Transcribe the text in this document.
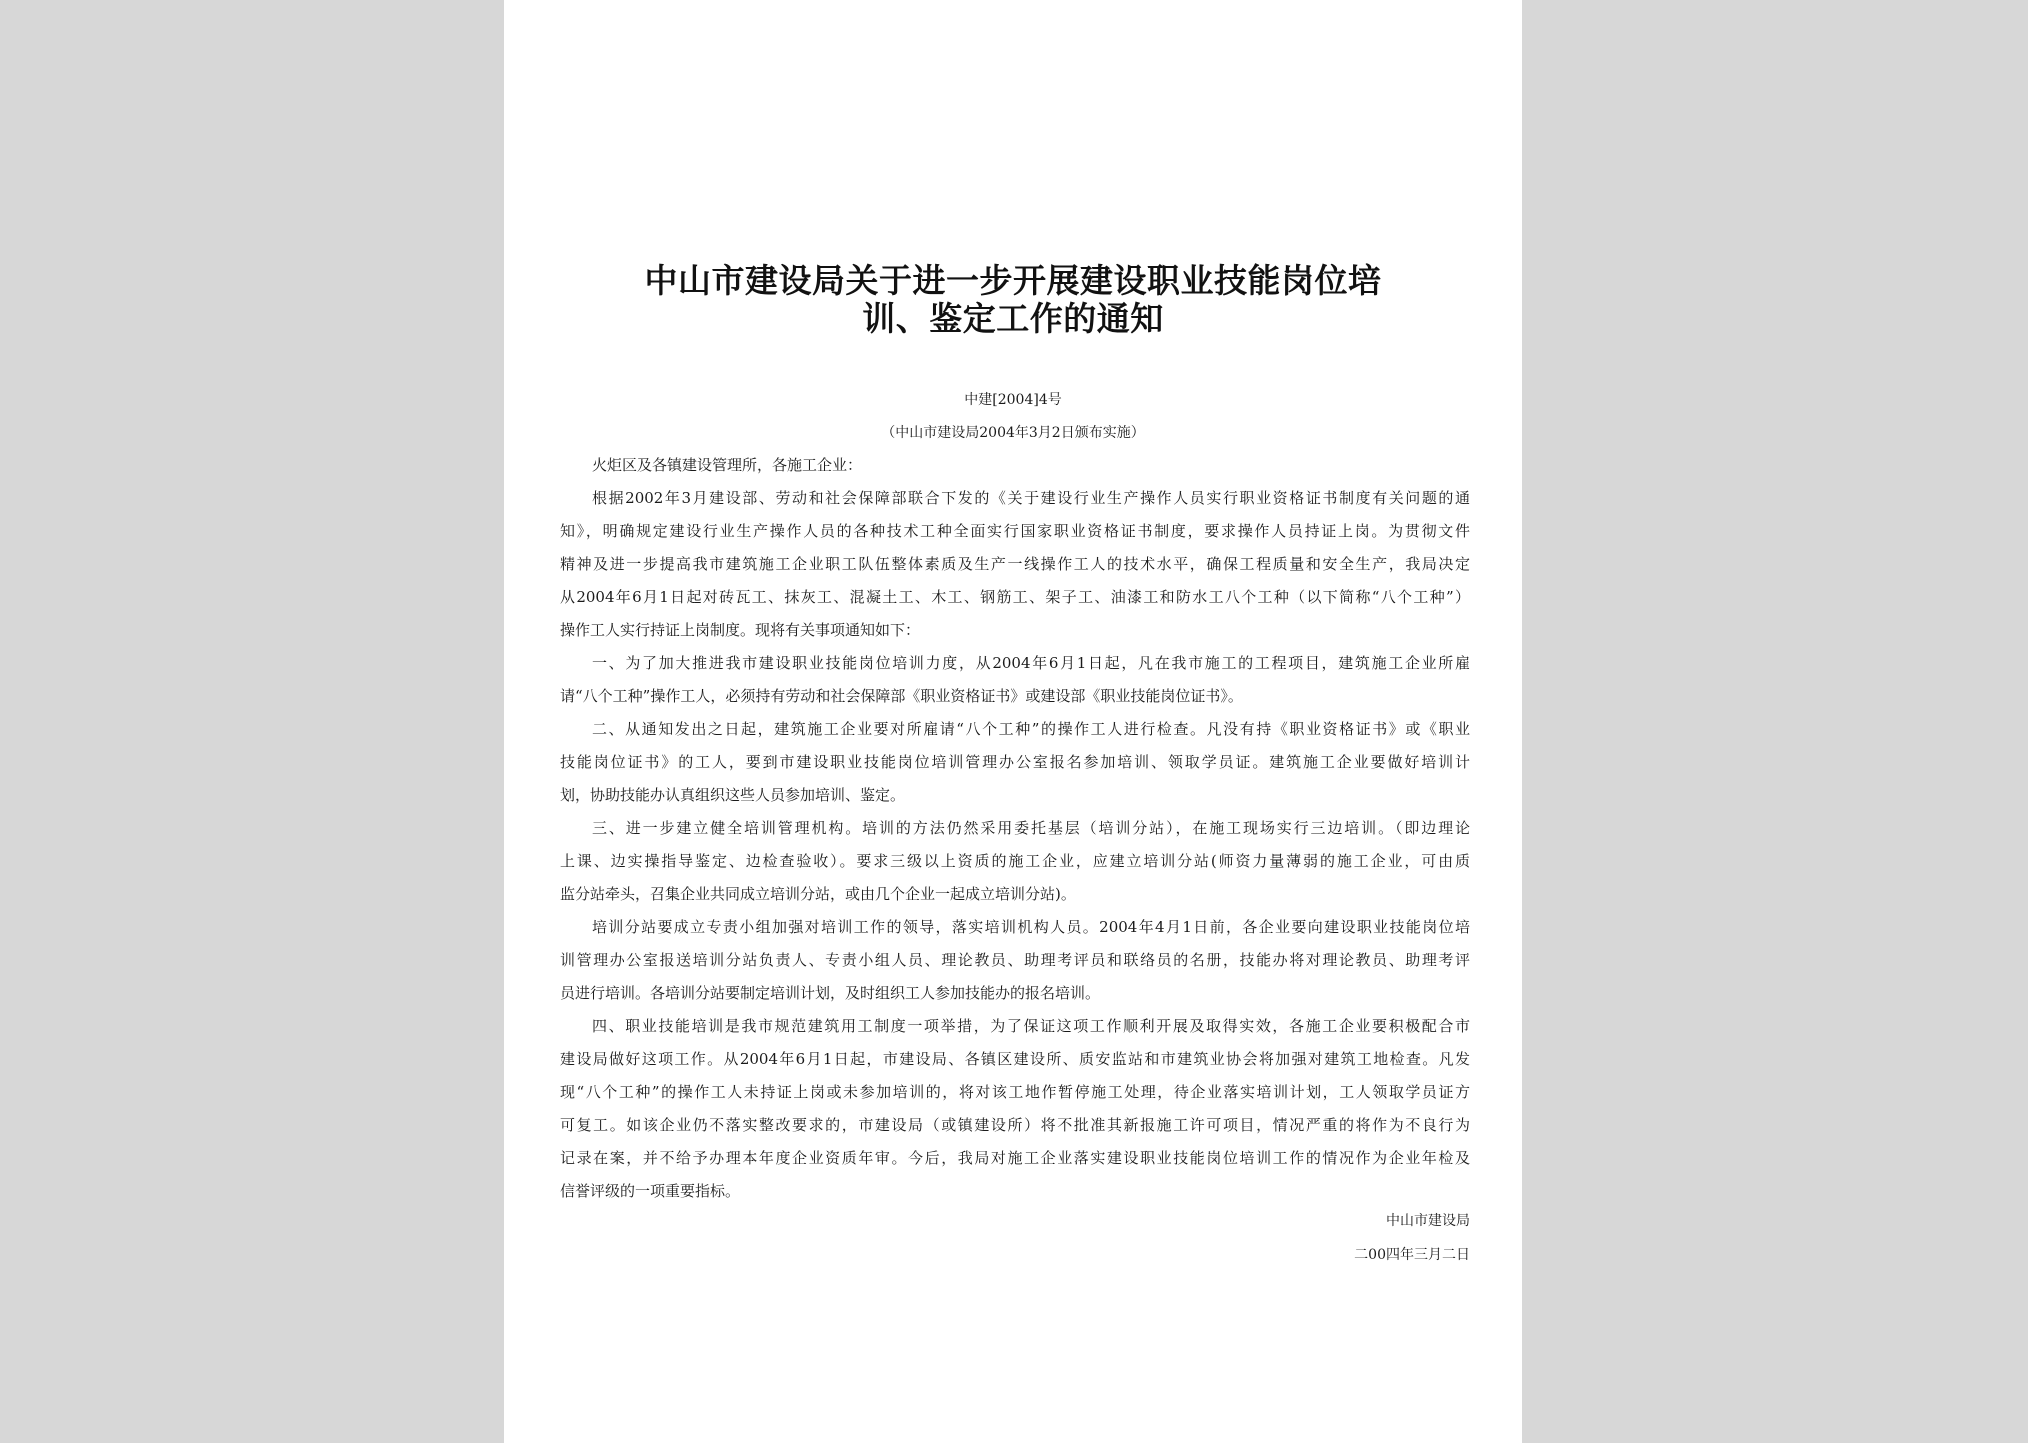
中山市建设局关于进一步开展建设职业技能岗位培
训、鉴定工作的通知
中建[2004]4号
（中山市建设局2004年3月2日颁布实施）
火炬区及各镇建设管理所，各施工企业：
根据2002年3月建设部、劳动和社会保障部联合下发的《关于建设行业生产操作人员实行职业资格证书制度有关问题的通
知》，明确规定建设行业生产操作人员的各种技术工种全面实行国家职业资格证书制度，要求操作人员持证上岗。为贯彻文件
精神及进一步提高我市建筑施工企业职工队伍整体素质及生产一线操作工人的技术水平，确保工程质量和安全生产，我局决定
从2004年6月1日起对砖瓦工、抹灰工、混凝土工、木工、钢筋工、架子工、油漆工和防水工八个工种（以下简称“八个工种”）
操作工人实行持证上岗制度。现将有关事项通知如下：
一、为了加大推进我市建设职业技能岗位培训力度，从2004年6月1日起，凡在我市施工的工程项目，建筑施工企业所雇
请“八个工种”操作工人，必须持有劳动和社会保障部《职业资格证书》或建设部《职业技能岗位证书》。
二、从通知发出之日起，建筑施工企业要对所雇请“八个工种”的操作工人进行检查。凡没有持《职业资格证书》或《职业
技能岗位证书》的工人，要到市建设职业技能岗位培训管理办公室报名参加培训、领取学员证。建筑施工企业要做好培训计
划，协助技能办认真组织这些人员参加培训、鉴定。
三、进一步建立健全培训管理机构。培训的方法仍然采用委托基层（培训分站），在施工现场实行三边培训。（即边理论
上课、边实操指导鉴定、边检查验收）。要求三级以上资质的施工企业，应建立培训分站(师资力量薄弱的施工企业，可由质
监分站牵头，召集企业共同成立培训分站，或由几个企业一起成立培训分站)。
培训分站要成立专责小组加强对培训工作的领导，落实培训机构人员。2004年4月1日前，各企业要向建设职业技能岗位培
训管理办公室报送培训分站负责人、专责小组人员、理论教员、助理考评员和联络员的名册，技能办将对理论教员、助理考评
员进行培训。各培训分站要制定培训计划，及时组织工人参加技能办的报名培训。
四、职业技能培训是我市规范建筑用工制度一项举措，为了保证这项工作顺利开展及取得实效，各施工企业要积极配合市
建设局做好这项工作。从2004年6月1日起，市建设局、各镇区建设所、质安监站和市建筑业协会将加强对建筑工地检查。凡发
现“八个工种”的操作工人未持证上岗或未参加培训的，将对该工地作暂停施工处理，待企业落实培训计划，工人领取学员证方
可复工。如该企业仍不落实整改要求的，市建设局（或镇建设所）将不批准其新报施工许可项目，情况严重的将作为不良行为
记录在案，并不给予办理本年度企业资质年审。今后，我局对施工企业落实建设职业技能岗位培训工作的情况作为企业年检及
信誉评级的一项重要指标。
中山市建设局
二00四年三月二日
